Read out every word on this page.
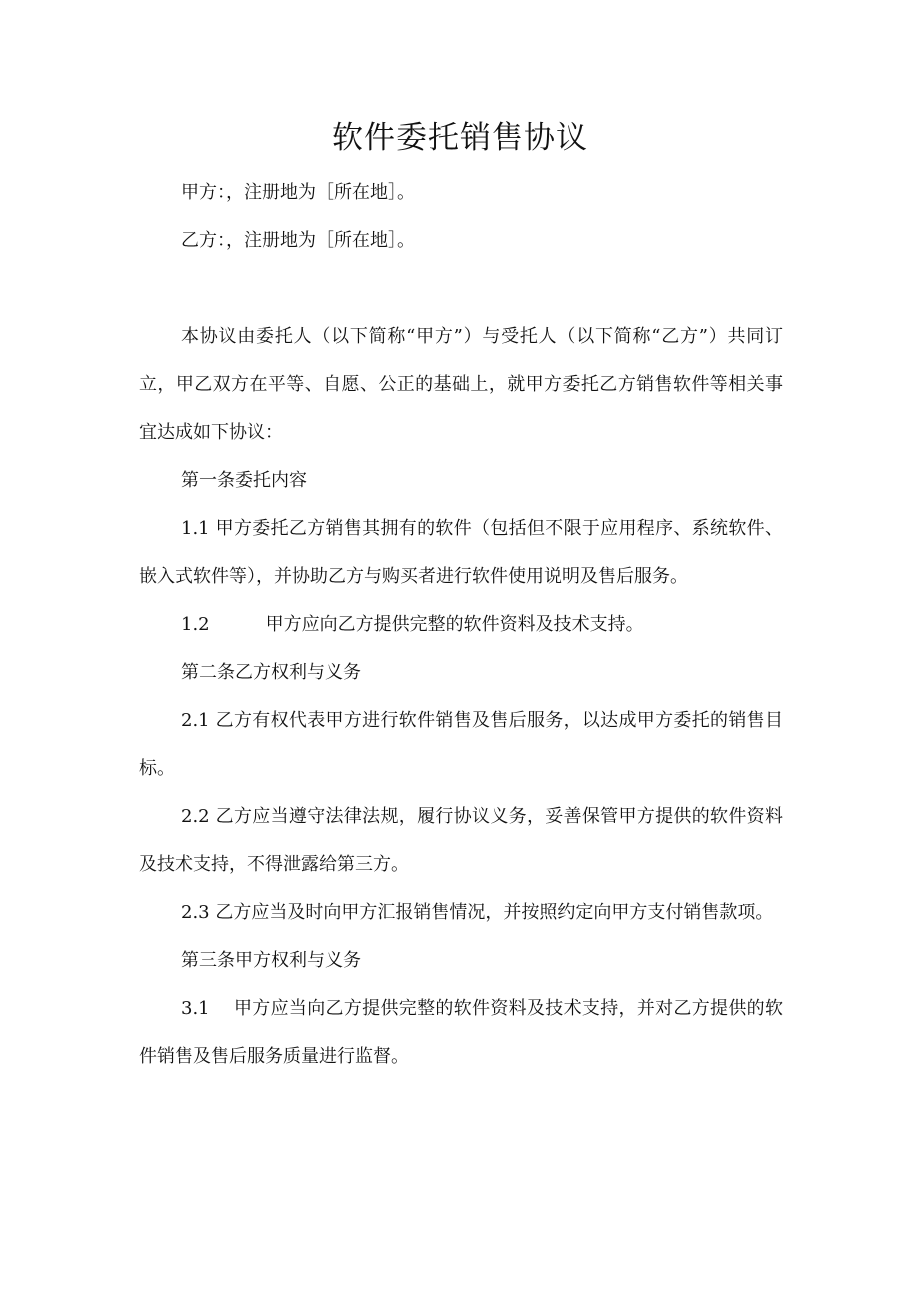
软件委托销售协议

甲方：，注册地为［所在地］。

乙方：，注册地为［所在地］。

本协议由委托人（以下简称“甲方”）与受托人（以下简称“乙方”）共同订立，甲乙双方在平等、自愿、公正的基础上，就甲方委托乙方销售软件等相关事宜达成如下协议：

第一条委托内容

1.1 甲方委托乙方销售其拥有的软件（包括但不限于应用程序、系统软件、嵌入式软件等），并协助乙方与购买者进行软件使用说明及售后服务。

1.2	甲方应向乙方提供完整的软件资料及技术支持。

第二条乙方权利与义务

2.1 乙方有权代表甲方进行软件销售及售后服务，以达成甲方委托的销售目标。

2.2 乙方应当遵守法律法规，履行协议义务，妥善保管甲方提供的软件资料及技术支持，不得泄露给第三方。

2.3 乙方应当及时向甲方汇报销售情况，并按照约定向甲方支付销售款项。

第三条甲方权利与义务

3.1 甲方应当向乙方提供完整的软件资料及技术支持，并对乙方提供的软件销售及售后服务质量进行监督。
